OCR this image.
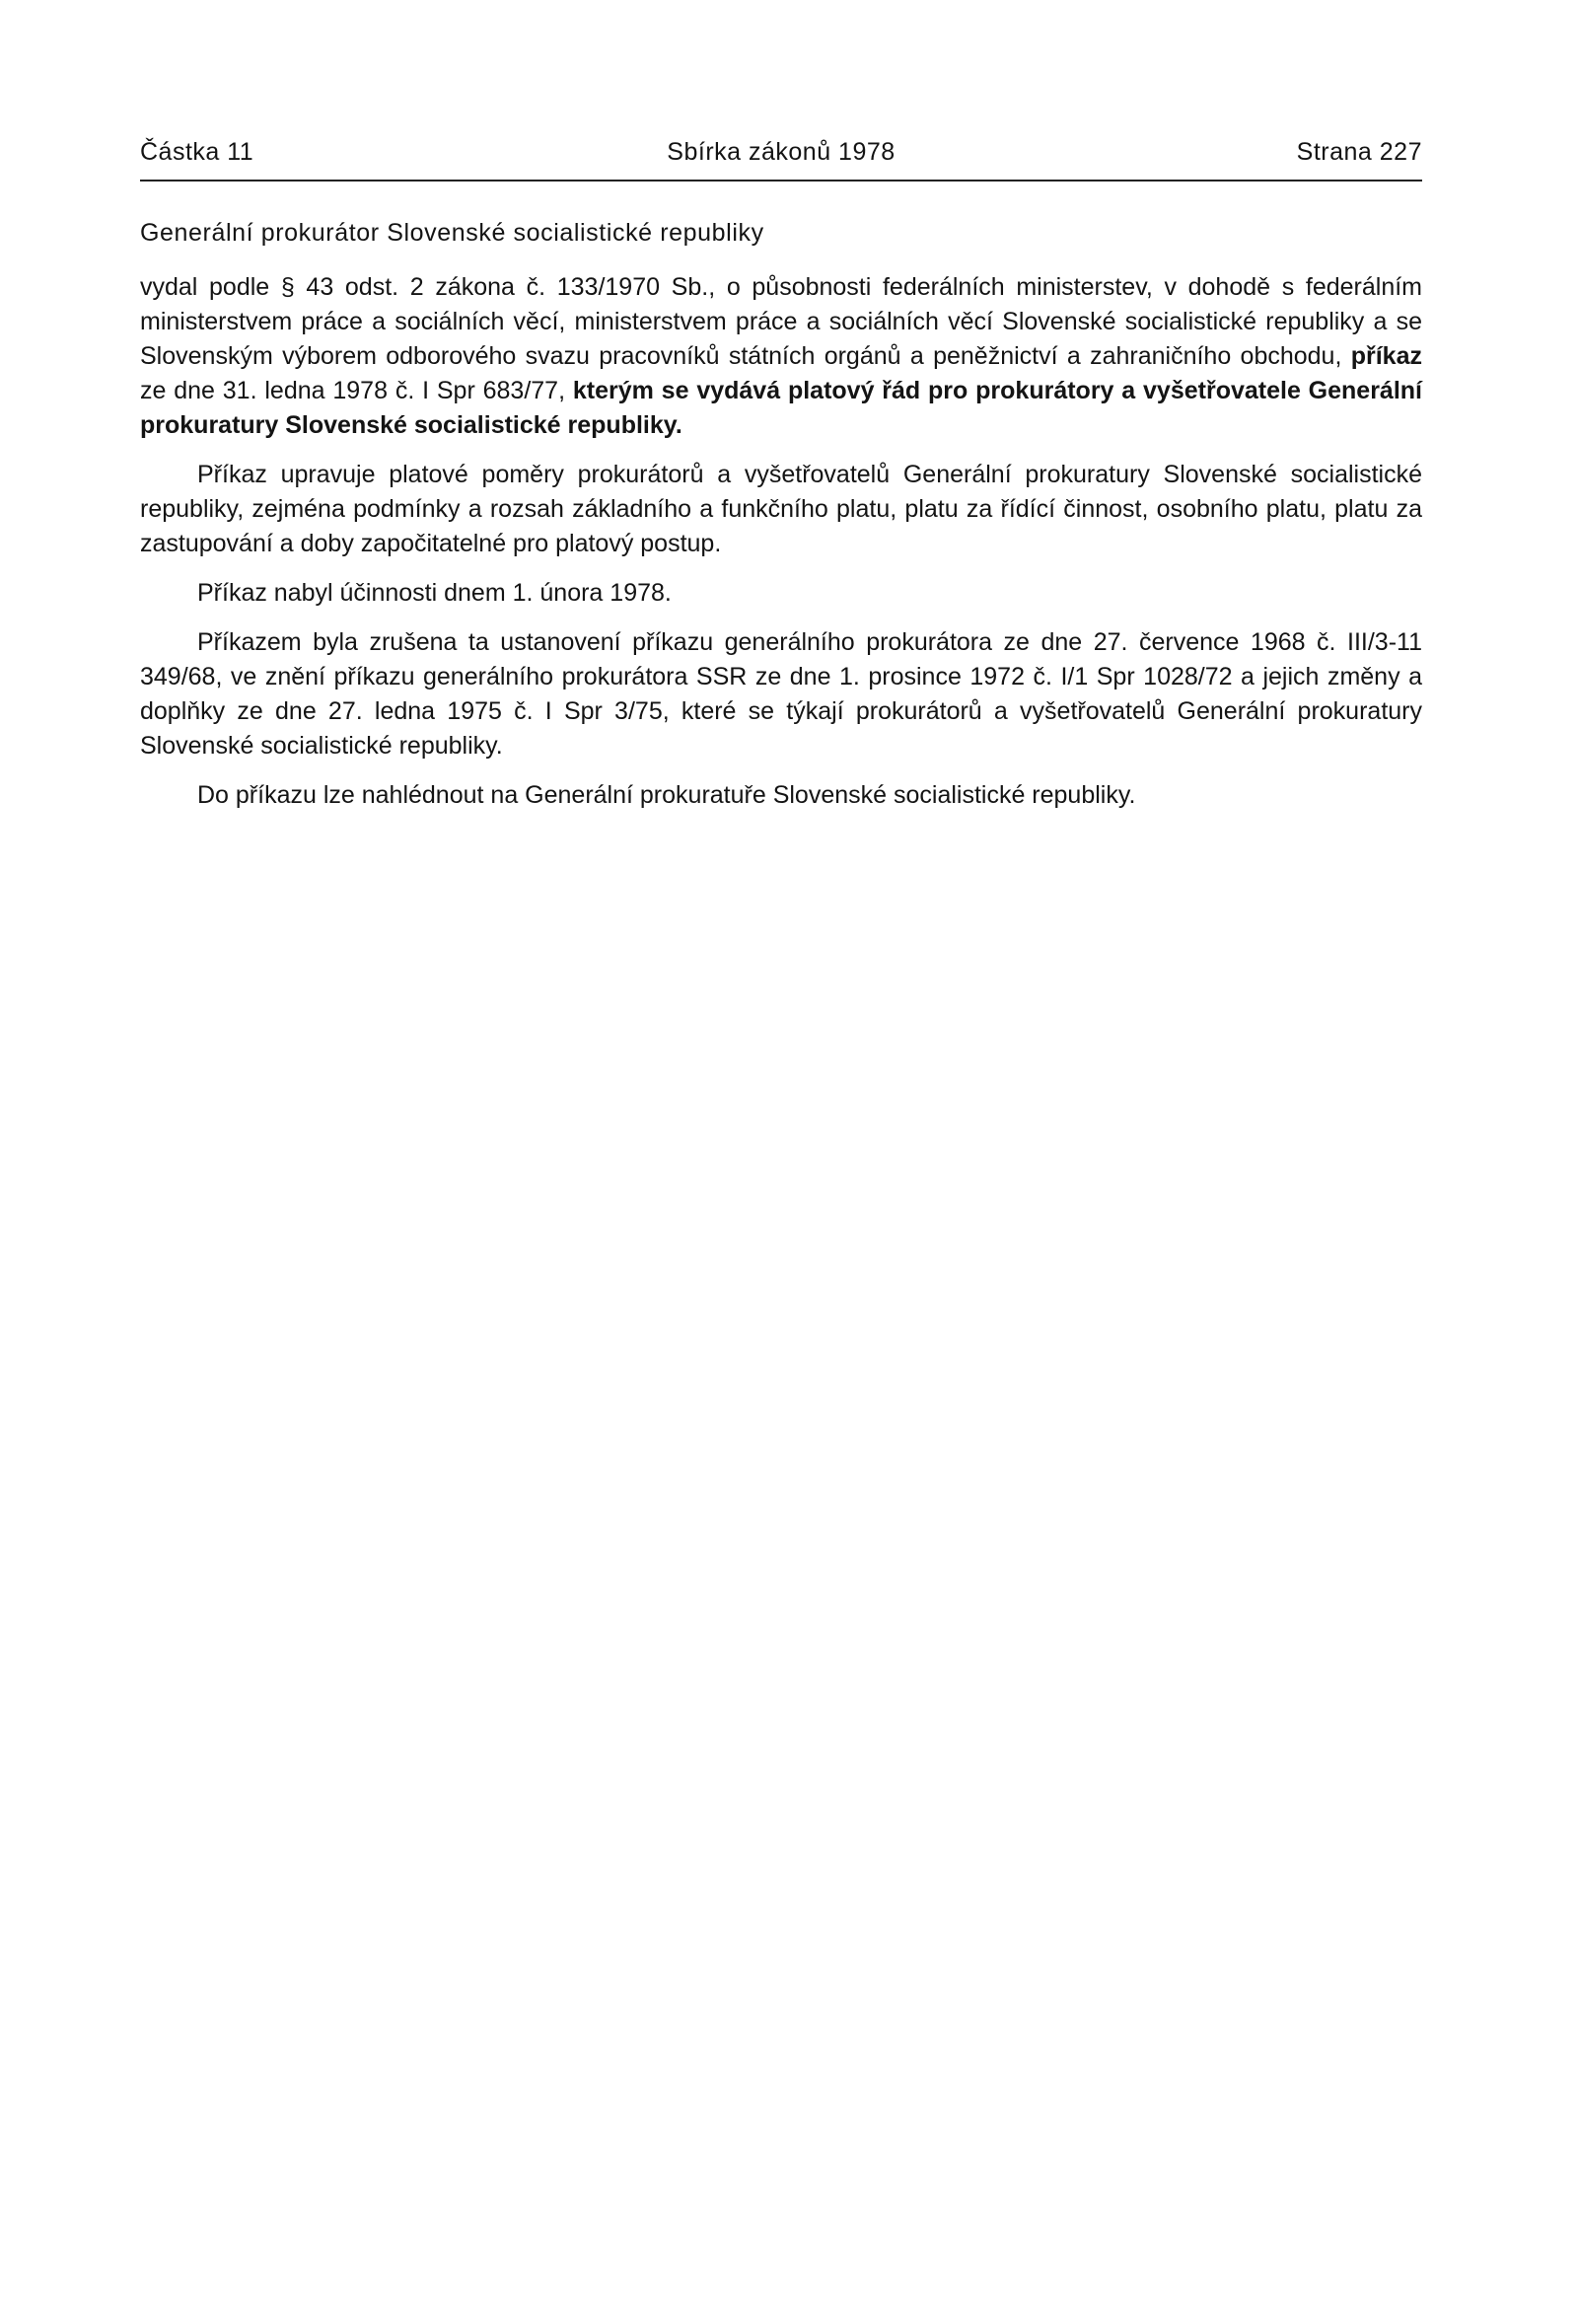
Sbírka zákonů 1978
Částka 11	Strana 227
Generální prokurátor Slovenské socialistické republiky

vydal podle § 43 odst. 2 zákona č. 133/1970 Sb., o působnosti federálních ministerstev, v dohodě s federálním ministerstvem práce a sociálních věcí, ministerstvem práce a sociálních věcí Slovenské socialistické republiky a se Slovenským výborem odborového svazu pracovníků státních orgánů a peněžnictví a zahraničního obchodu, příkaz ze dne 31. ledna 1978 č. I Spr 683/77, kterým se vydává platový řád pro prokurátory a vyšetřovatele Generální prokuratury Slovenské socialistické republiky.

Příkaz upravuje platové poměry prokurátorů a vyšetřovatelů Generální prokuratury Slovenské socialistické republiky, zejména podmínky a rozsah základního a funkčního platu, platu za řídící činnost, osobního platu, platu za zastupování a doby započitatelné pro platový postup.

Příkaz nabyl účinnosti dnem 1. února 1978.

Příkazem byla zrušena ta ustanovení příkazu generálního prokurátora ze dne 27. července 1968 č. III/3-11 349/68, ve znění příkazu generálního prokurátora SSR ze dne 1. prosince 1972 č. I/1 Spr 1028/72 a jejich změny a doplňky ze dne 27. ledna 1975 č. I Spr 3/75, které se týkají prokurátorů a vyšetřovatelů Generální prokuratury Slovenské socialistické republiky.

Do příkazu lze nahlédnout na Generální prokuratuře Slovenské socialistické republiky.
